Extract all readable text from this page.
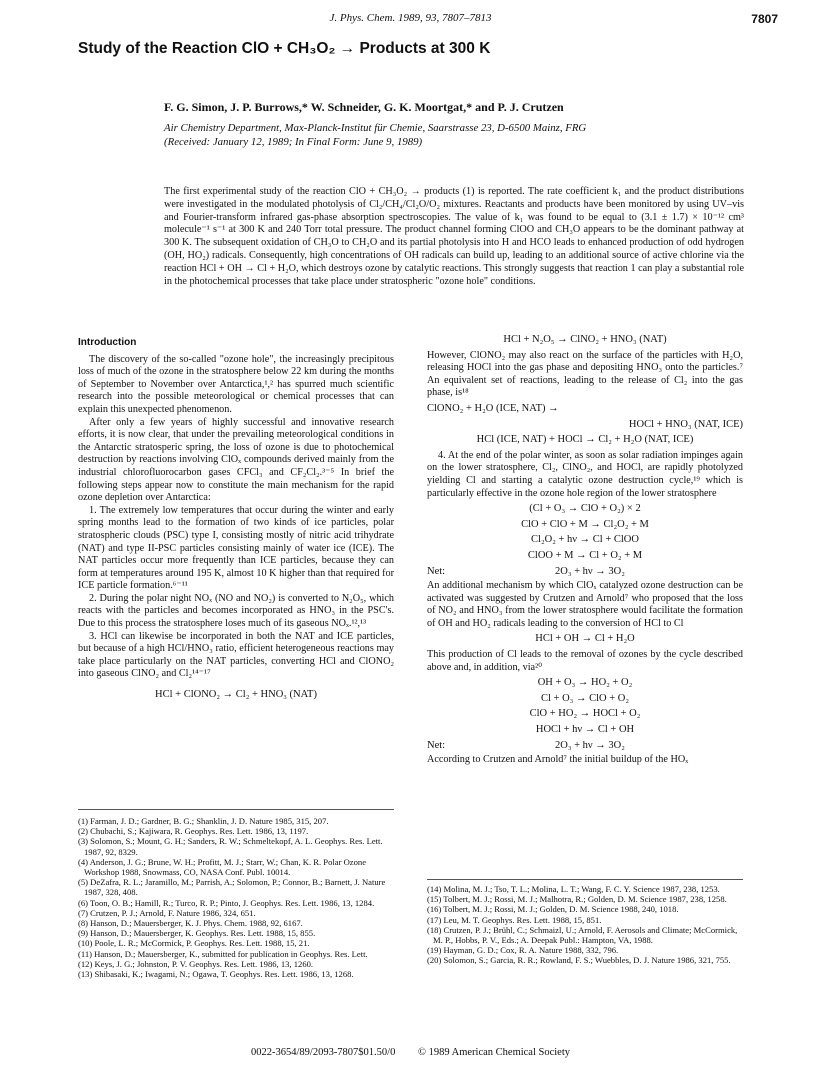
J. Phys. Chem. 1989, 93, 7807–7813	7807
Study of the Reaction ClO + CH₃O₂ → Products at 300 K
F. G. Simon, J. P. Burrows,* W. Schneider, G. K. Moortgat,* and P. J. Crutzen
Air Chemistry Department, Max-Planck-Institut für Chemie, Saarstrasse 23, D-6500 Mainz, FRG
(Received: January 12, 1989; In Final Form: June 9, 1989)
The first experimental study of the reaction ClO + CH₃O₂ → products (1) is reported. The rate coefficient k₁ and the product distributions were investigated in the modulated photolysis of Cl₂/CH₄/Cl₂O/O₂ mixtures. Reactants and products have been monitored by using UV–vis and Fourier-transform infrared gas-phase absorption spectroscopies. The value of k₁ was found to be equal to (3.1 ± 1.7) × 10⁻¹² cm³ molecule⁻¹ s⁻¹ at 300 K and 240 Torr total pressure. The product channel forming ClOO and CH₃O appears to be the dominant pathway at 300 K. The subsequent oxidation of CH₃O to CH₂O and its partial photolysis into H and HCO leads to enhanced production of odd hydrogen (OH, HO₂) radicals. Consequently, high concentrations of OH radicals can build up, leading to an additional source of active chlorine via the reaction HCl + OH → Cl + H₂O, which destroys ozone by catalytic reactions. This strongly suggests that reaction 1 can play a substantial role in the photochemical processes that take place under stratospheric "ozone hole" conditions.

Introduction

The discovery of the so-called "ozone hole", the increasingly precipitous loss of much of the ozone in the stratosphere below 22 km during the months of September to November over Antarctica,¹,² has spurred much scientific research into the possible meteorological or chemical processes that can explain this unexpected phenomenon.

After only a few years of highly successful and innovative research efforts, it is now clear, that under the prevailing meteorological conditions in the Antarctic stratosperic spring, the loss of ozone is due to photochemical destruction by reactions involving ClOₓ compounds derived mainly from the industrial chlorofluorocarbon gases CFCl₃ and CF₂Cl₂.³⁻⁵ In brief the following steps appear now to constitute the main mechanism for the rapid ozone depletion over Antarctica:

1. The extremely low temperatures that occur during the winter and early spring months lead to the formation of two kinds of ice particles, polar stratospheric clouds (PSC) type I, consisting mostly of nitric acid trihydrate (NAT) and type II-PSC particles consisting mainly of water ice (ICE). The NAT particles occur more frequently than ICE particles, because they can form at temperatures around 195 K, almost 10 K higher than that required for ICE particle formation.⁶⁻¹¹

2. During the polar night NOₓ (NO and NO₂) is converted to N₂O₅, which reacts with the particles and becomes incorporated as HNO₃ in the PSC's. Due to this process the stratosphere loses much of its gaseous NOₓ.¹²,¹³

3. HCl can likewise be incorporated in both the NAT and ICE particles, but because of a high HCl/HNO₃ ratio, efficient heterogeneous reactions may take place particularly on the NAT particles, converting HCl and ClONO₂ into gaseous ClNO₂ and Cl₂¹⁴⁻¹⁷

HCl + ClONO₂ → Cl₂ + HNO₃ (NAT)
(1) Farman, J. D.; Gardner, B. G.; Shanklin, J. D. Nature 1985, 315, 207.
(2) Chubachi, S.; Kajiwara, R. Geophys. Res. Lett. 1986, 13, 1197.
(3) Solomon, S.; Mount, G. H.; Sanders, R. W.; Schmeltekopf, A. L. Geophys. Res. Lett. 1987, 92, 8329.
(4) Anderson, J. G.; Brune, W. H.; Profitt, M. J.; Starr, W.; Chan, K. R. Polar Ozone Workshop 1988, Snowmass, CO, NASA Conf. Publ. 10014.
(5) DeZafra, R. L.; Jaramillo, M.; Parrish, A.; Solomon, P.; Connor, B.; Barnett, J. Nature 1987, 328, 408.
(6) Toon, O. B.; Hamill, R.; Turco, R. P.; Pinto, J. Geophys. Res. Lett. 1986, 13, 1284.
(7) Crutzen, P. J.; Arnold, F. Nature 1986, 324, 651.
(8) Hanson, D.; Mauersberger, K. J. Phys. Chem. 1988, 92, 6167.
(9) Hanson, D.; Mauersberger, K. Geophys. Res. Lett. 1988, 15, 855.
(10) Poole, L. R.; McCormick, P. Geophys. Res. Lett. 1988, 15, 21.
(11) Hanson, D.; Mauersberger, K., submitted for publication in Geophys. Res. Lett.
(12) Keys, J. G.; Johnston, P. V. Geophys. Res. Lett. 1986, 13, 1260.
(13) Shibasaki, K.; Iwagami, N.; Ogawa, T. Geophys. Res. Lett. 1986, 13, 1268.
HCl + N₂O₅ → ClNO₂ + HNO₃ (NAT)

However, ClONO₂ may also react on the surface of the particles with H₂O, releasing HOCl into the gas phase and depositing HNO₃ onto the particles.⁷ An equivalent set of reactions, leading to the release of Cl₂ into the gas phase, is¹⁸

ClONO₂ + H₂O (ICE, NAT) →
HOCl + HNO₃ (NAT, ICE)
HCl (ICE, NAT) + HOCl → Cl₂ + H₂O (NAT, ICE)

4. At the end of the polar winter, as soon as solar radiation impinges again on the lower stratosphere, Cl₂, ClNO₂, and HOCl, are rapidly photolyzed yielding Cl and starting a catalytic ozone destruction cycle,¹⁹ which is particularly effective in the ozone hole region of the lower stratosphere

(Cl + O₃ → ClO + O₂) × 2
ClO + ClO + M → Cl₂O₂ + M
Cl₂O₂ + hν → Cl + ClOO
ClOO + M → Cl + O₂ + M
Net:	2O₃ + hν → 3O₂

An additional mechanism by which ClOₓ catalyzed ozone destruction can be activated was suggested by Crutzen and Arnold⁷ who proposed that the loss of NO₂ and HNO₃ from the lower stratosphere would facilitate the formation of OH and HO₂ radicals leading to the conversion of HCl to Cl

HCl + OH → Cl + H₂O

This production of Cl leads to the removal of ozones by the cycle described above and, in addition, via²⁰

OH + O₃ → HO₂ + O₂
Cl + O₃ → ClO + O₂
ClO + HO₂ → HOCl + O₂
HOCl + hν → Cl + OH
Net:	2O₃ + hν → 3O₂

According to Crutzen and Arnold⁷ the initial buildup of the HOₓ

(14) Molina, M. J.; Tso, T. L.; Molina, L. T.; Wang, F. C. Y. Science 1987, 238, 1253.
(15) Tolbert, M. J.; Rossi, M. J.; Malhotra, R.; Golden, D. M. Science 1987, 238, 1258.
(16) Tolbert, M. J.; Rossi, M. J.; Golden, D. M. Science 1988, 240, 1018.
(17) Leu, M. T. Geophys. Res. Lett. 1988, 15, 851.
(18) Crutzen, P. J.; Brühl, C.; Schmaizl, U.; Arnold, F. Aerosols and Climate; McCormick, M. P., Hobbs, P. V., Eds.; A. Deepak Publ.: Hampton, VA, 1988.
(19) Hayman, G. D.; Cox, R. A. Nature 1988, 332, 796.
(20) Solomon, S.; Garcia, R. R.; Rowland, F. S.; Wuebbles, D. J. Nature 1986, 321, 755.
0022-3654/89/2093-7807$01.50/0 © 1989 American Chemical Society
